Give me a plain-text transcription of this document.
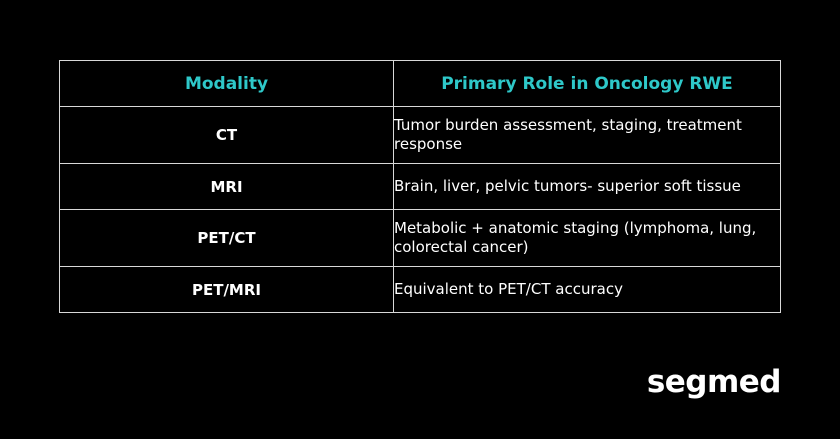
Modality	Primary Role in Oncology RWE
CT	Tumor burden assessment, staging, treatment response
MRI	Brain, liver, pelvic tumors- superior soft tissue
PET/CT	Metabolic + anatomic staging (lymphoma, lung, colorectal cancer)
PET/MRI	Equivalent to PET/CT accuracy
segmed
